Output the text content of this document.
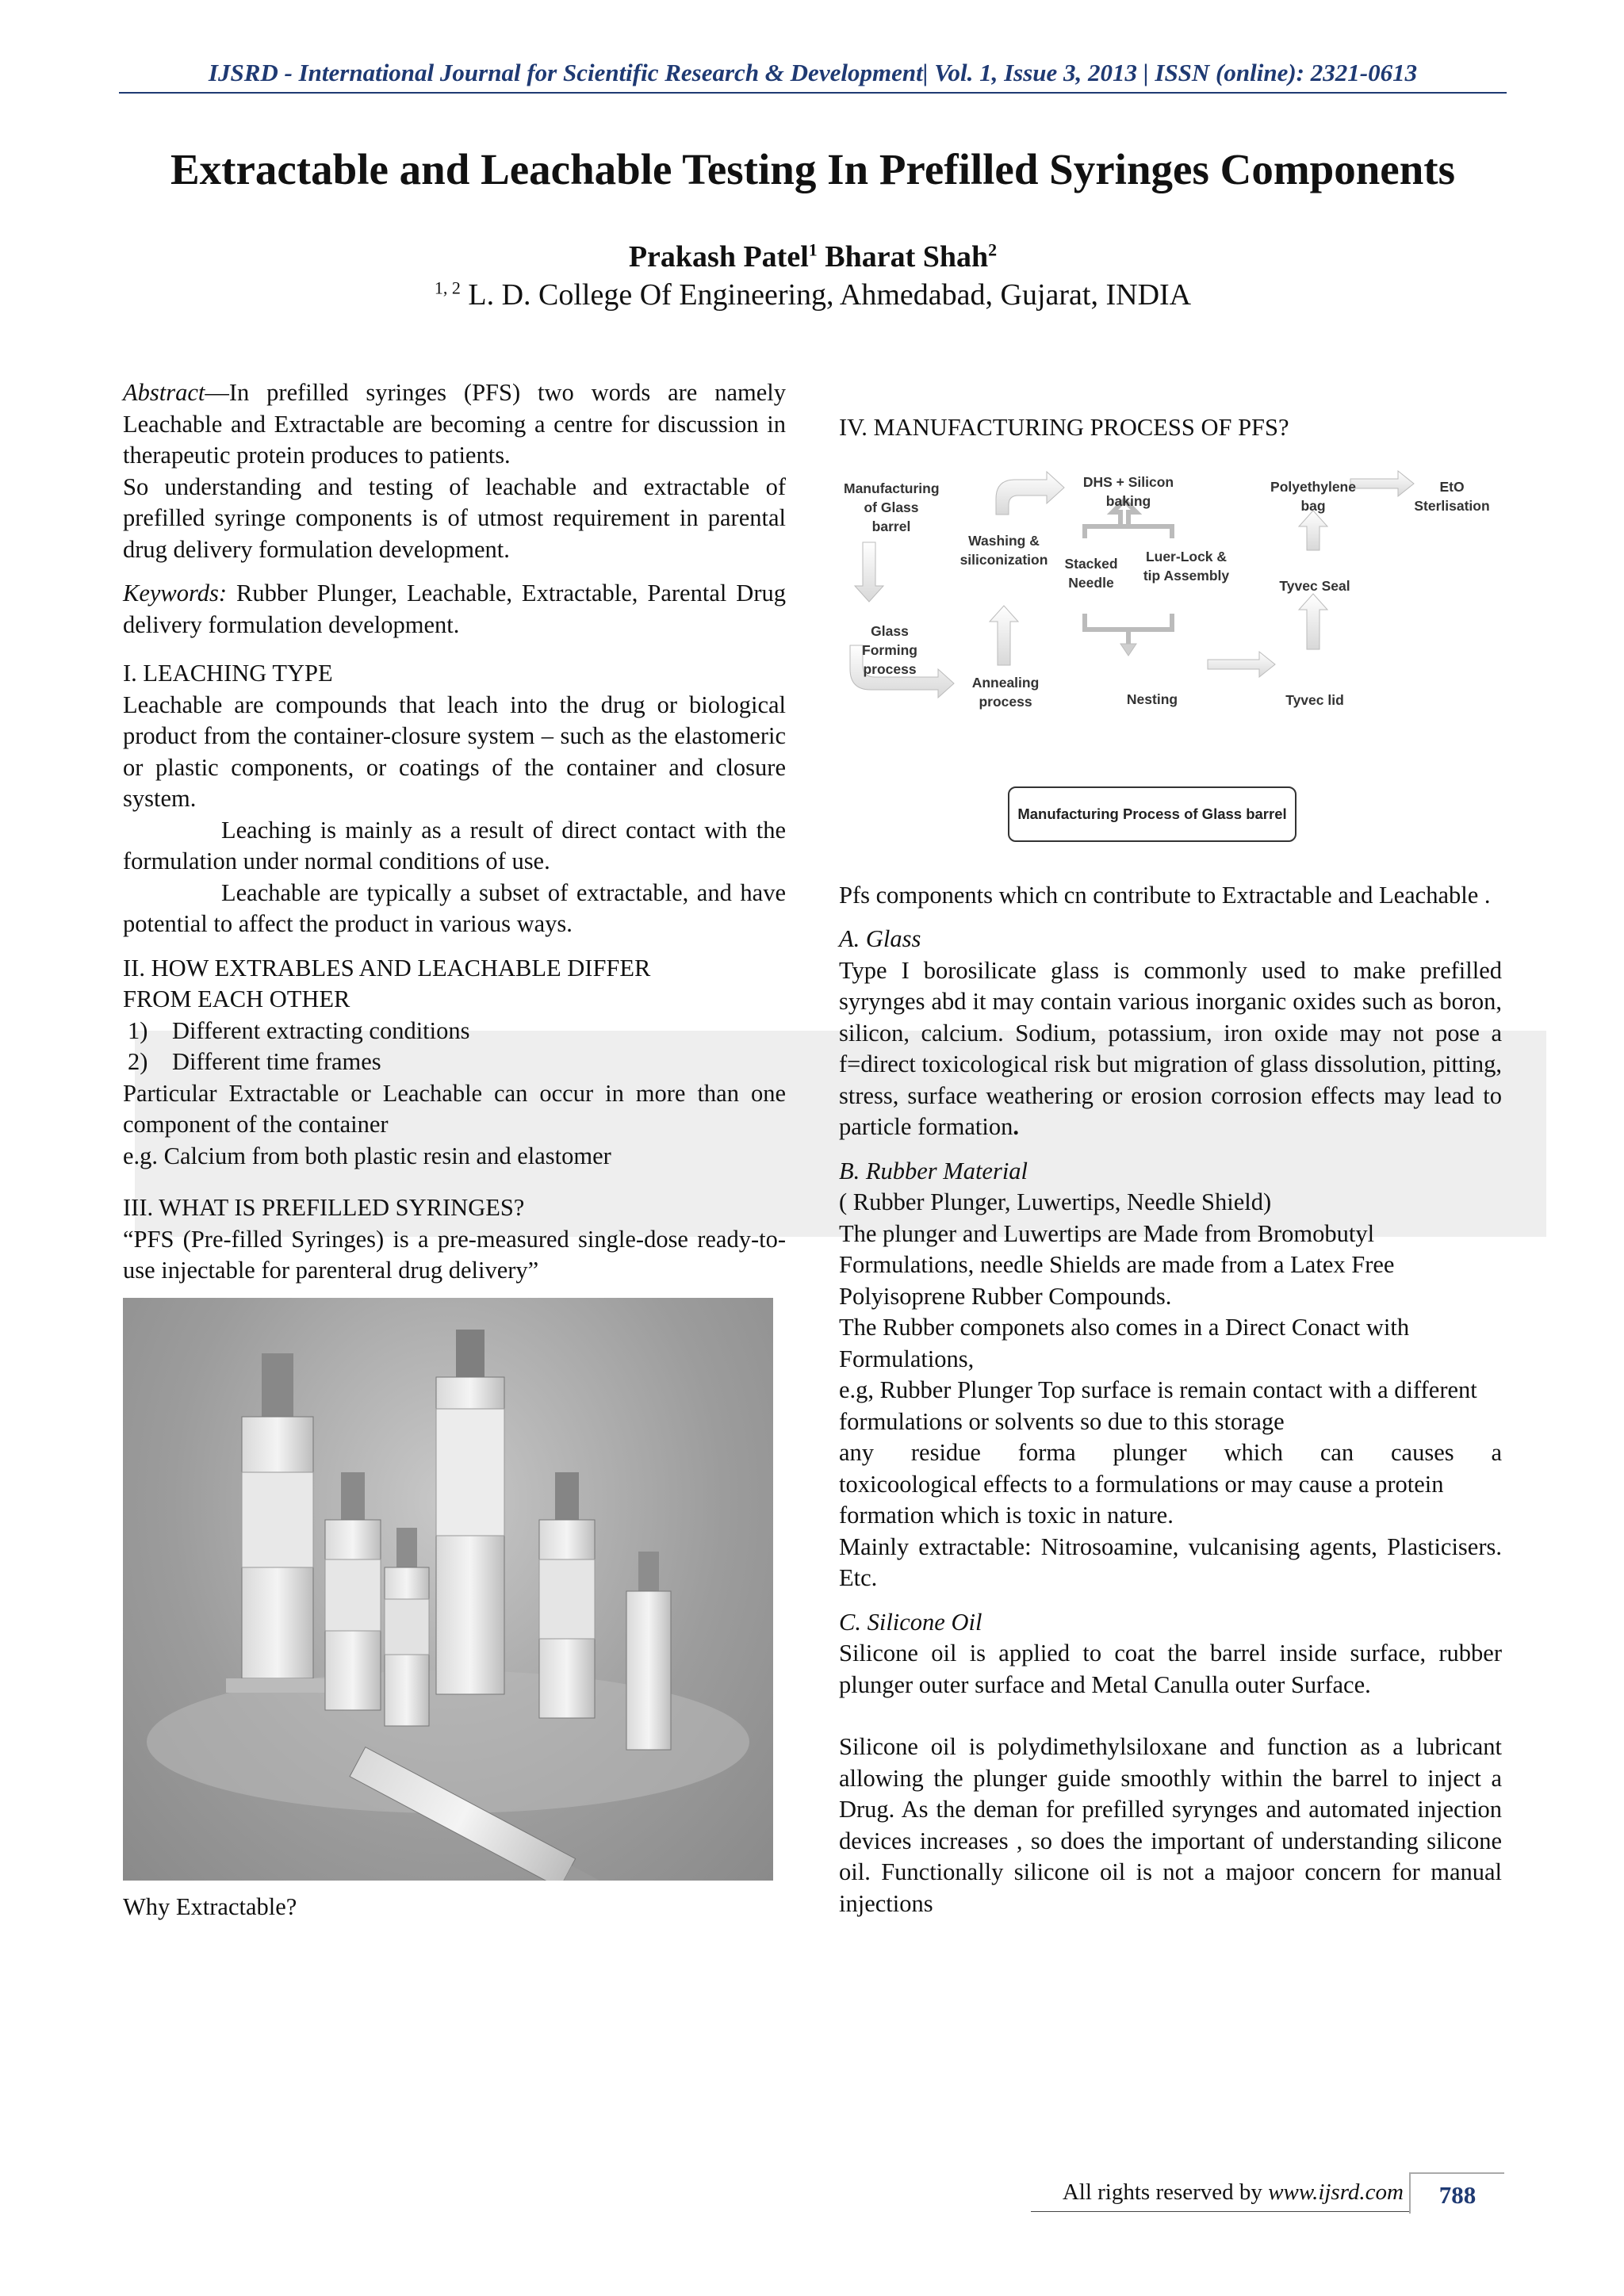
IJSRD - International Journal for Scientific Research & Development| Vol. 1, Issue 3, 2013 | ISSN (online): 2321-0613
Extractable and Leachable Testing In Prefilled Syringes Components
Prakash Patel$^1$ Bharat Shah$^2$
$^{1, 2}$ L. D. College Of Engineering, Ahmedabad, Gujarat, INDIA

Abstract—In prefilled syringes (PFS) two words are namely Leachable and Extractable are becoming a centre for discussion in therapeutic protein produces to patients.

So understanding and testing of leachable and extractable of prefilled syringe components is of utmost requirement in parental drug delivery formulation development.

Keywords: Rubber Plunger, Leachable, Extractable, Parental Drug delivery formulation development.

I. LEACHING TYPE

Leachable are compounds that leach into the drug or biological product from the container-closure system – such as the elastomeric or plastic components, or coatings of the container and closure system.

Leaching is mainly as a result of direct contact with the formulation under normal conditions of use.

Leachable are typically a subset of extractable, and have potential to affect the product in various ways.

II. HOW EXTRABLES AND LEACHABLE DIFFER

FROM EACH OTHER

1) Different extracting conditions

2) Different time frames

Particular Extractable or Leachable can occur in more than one component of the container

e.g. Calcium from both plastic resin and elastomer

III. WHAT IS PREFILLED SYRINGES?

“PFS (Pre-filled Syringes) is a pre-measured single-dose ready-to-use injectable for parenteral drug delivery”

Why Extractable?

IV. MANUFACTURING PROCESS OF PFS?

Manufacturing of Glass barrel
Washing & siliconization
Glass Forming process
Annealing process
DHS + Silicon baking
Stacked Needle
Luer-Lock & tip Assembly
Nesting
Polyethylene bag
EtO Sterlisation
Tyvec Seal
Tyvec lid
Manufacturing Process of Glass barrel

Pfs components which cn contribute to Extractable and Leachable .

A. Glass

Type I borosilicate glass is commonly used to make prefilled syrynges abd it may contain various inorganic oxides such as boron, silicon, calcium. Sodium, potassium, iron oxide may not pose a f=direct toxicological risk but migration of glass dissolution, pitting, stress, surface weathering or erosion corrosion effects may lead to particle formation.

B. Rubber Material

( Rubber Plunger, Luwertips, Needle Shield)

The plunger and Luwertips are Made from Bromobutyl Formulations, needle Shields are made from a Latex Free Polyisoprene Rubber Compounds.

The Rubber componets also comes in a Direct Conact with Formulations,

e.g, Rubber Plunger Top surface is remain contact with a different formulations or solvents so due to this storage

any residue forma plunger which can causes a

toxicoological effects to a formulations or may cause a protein formation which is toxic in nature.

Mainly extractable: Nitrosoamine, vulcanising agents, Plasticisers. Etc.

C. Silicone Oil

Silicone oil is applied to coat the barrel inside surface, rubber plunger outer surface and Metal Canulla outer Surface.

Silicone oil is polydimethylsiloxane and function as a lubricant allowing the plunger guide smoothly within the barrel to inject a Drug. As the deman for prefilled syrynges and automated injection devices increases , so does the important of understanding silicone oil. Functionally silicone oil is not a majoor concern for manual injections

All rights reserved by www.ijsrd.com	788
